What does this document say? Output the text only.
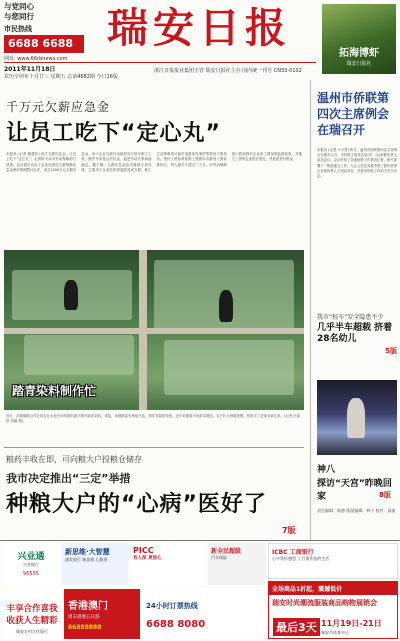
与党同心
与您同行
市民热线
6688 6688
网址: www.66rbnews.com
瑞安日报
拓海博虾
瑞安日报社
2011年11月18日
农历辛卯年十月廿三 星期五 总第4682期 今日16版
浙江日报报业集团主管 瑞安日报社主办 国内统一刊号 CN33-0102
千万元欠薪应急金
让员工吃下“定心丸”
本报讯 (记者 陈建东) 设立欠薪应急金，让员工吃下“定心丸”。记者昨天从市劳动保障部门获悉，近日我市出台了企业经营性欠薪保障应急金使用管理暂行办法，设立1000万元欠薪应急金，用于企业欠薪后由政府先行垫付职工工资，维护劳动者合法权益，促进劳动关系和谐稳定。据了解，欠薪应急金由市财政专项安排，主要用于企业经营者逃匿造成欠薪，职工生活困难或可能引发群体性事件等情况下的垫付。垫付工资标准原则上按照本市最低工资标准执行，每人最长不超过三个月。市劳动保障部门将加强对企业用工情况的监督检查，对拖欠工资的企业依法查处，并追偿垫付资金。
踏青染料制作忙
近日，高楼镇联合作社林农在水池中用传统的做法制作踏青染料。青靛，高楼镇素有种植马蓝、制作青靛的传统，近年来随着市场需求增加，农户扩大种植规模，传统手工艺焕发新生机。(记者 汪丽婷 郑鹏 摄)
粮药丰收在即，可向粮大户投粮仓储存
我市决定推出“三定”举措
种粮大户的“心病”医好了
7版
温州市侨联第四次主席例会在瑞召开
本报讯 (记者 卢小青) 昨日，温州市侨联第四次主席例会在我市召开。市侨联主席及各县(市、区)侨联负责人参加会议。会议听取了各地侨联工作情况汇报，研究部署下一阶段重点工作。与会人员还实地考察了我市侨界企业和侨界人士创业项目，对我市侨联工作给予充分肯定。
我市“校车”安全隐患不少
几乎半车超载 挤着28名幼儿
5版
神八
探访“天宫”昨晚回家	8版
责任编辑：陈德 版面编辑：林宁 校对：高丽
兴业通
兴业银行
96555
新思维·大智慧
浦发银行 新思维 心服务
PICC
有人保 更放心
新全民超级
汽车保险
ICBC 工商银行
心中常怀感恩 工行情系您的生活
丰享合作喜我 收获人生精彩
瑞安农村合作银行
香港澳门
周末港澳五日游
66888888
24小时订票热线
6688 8080
全场商品1折起，震撼低价
瑞安时尚潮流服装商品购物展销会
最后3天 11月19日-21日
瑞安市体育中心
